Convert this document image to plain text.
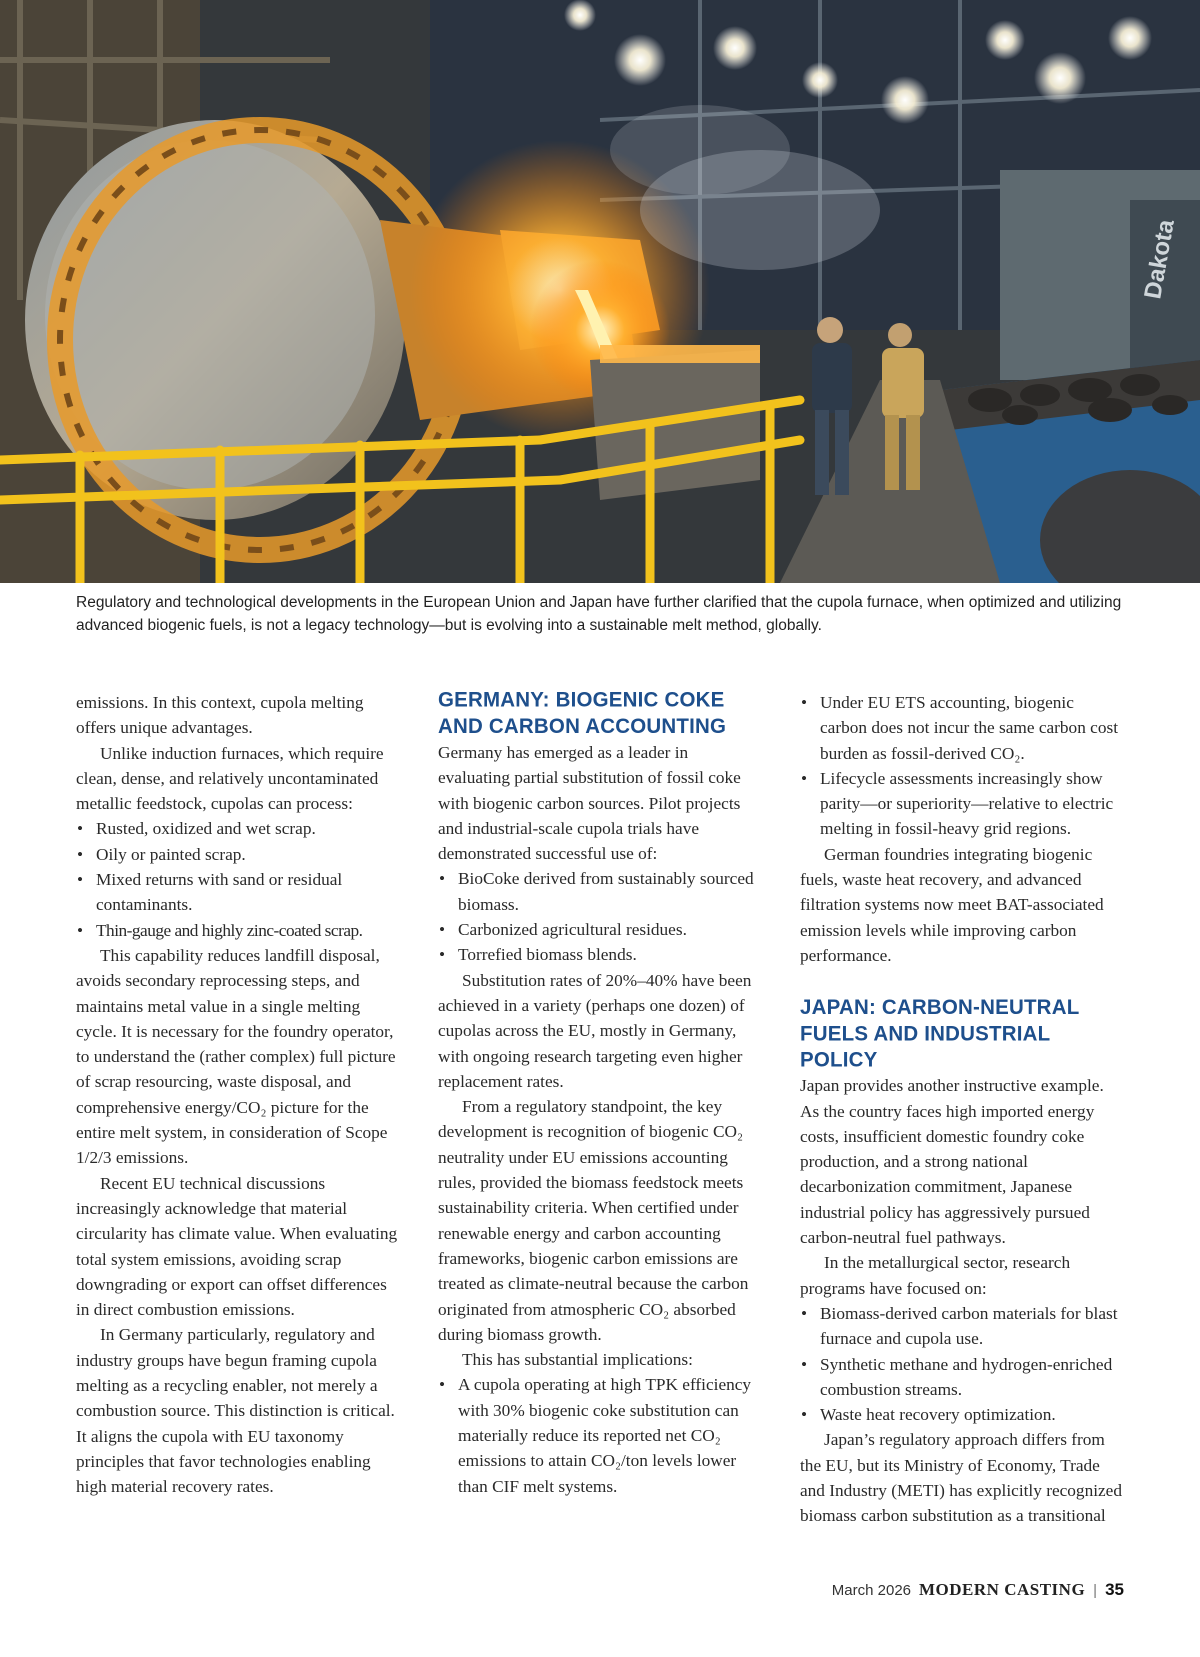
Dakota
Regulatory and technological developments in the European Union and Japan have further clarified that the cupola furnace, when optimized and utilizing advanced biogenic fuels, is not a legacy technology—but is evolving into a sustainable melt method, globally.

emissions. In this context, cupola melting offers unique advantages.

Unlike induction furnaces, which require clean, dense, and relatively uncontaminated metallic feedstock, cupolas can process:

• Rusted, oxidized and wet scrap.
• Oily or painted scrap.
• Mixed returns with sand or residual contaminants.
• Thin-gauge and highly zinc-coated scrap.

This capability reduces landfill disposal, avoids secondary reprocessing steps, and maintains metal value in a single melting cycle. It is necessary for the foundry operator, to understand the (rather complex) full picture of scrap resourcing, waste disposal, and comprehensive energy/CO₂ picture for the entire melt system, in consideration of Scope 1/2/3 emissions.

Recent EU technical discussions increasingly acknowledge that material circularity has climate value. When evaluating total system emissions, avoiding scrap downgrading or export can offset differences in direct combustion emissions.

In Germany particularly, regulatory and industry groups have begun framing cupola melting as a recycling enabler, not merely a combustion source. This distinction is critical. It aligns the cupola with EU taxonomy principles that favor technologies enabling high material recovery rates.

GERMANY: BIOGENIC COKE AND CARBON ACCOUNTING

Germany has emerged as a leader in evaluating partial substitution of fossil coke with biogenic carbon sources. Pilot projects and industrial-scale cupola trials have demonstrated successful use of:

• BioCoke derived from sustainably sourced biomass.
• Carbonized agricultural residues.
• Torrefied biomass blends.

Substitution rates of 20%–40% have been achieved in a variety (perhaps one dozen) of cupolas across the EU, mostly in Germany, with ongoing research targeting even higher replacement rates.

From a regulatory standpoint, the key development is recognition of biogenic CO₂ neutrality under EU emissions accounting rules, provided the biomass feedstock meets sustainability criteria. When certified under renewable energy and carbon accounting frameworks, biogenic carbon emissions are treated as climate-neutral because the carbon originated from atmospheric CO₂ absorbed during biomass growth.

This has substantial implications:

• A cupola operating at high TPK efficiency with 30% biogenic coke substitution can materially reduce its reported net CO₂ emissions to attain CO₂/ton levels lower than CIF melt systems.
• Under EU ETS accounting, biogenic carbon does not incur the same carbon cost burden as fossil-derived CO₂.
• Lifecycle assessments increasingly show parity—or superiority—relative to electric melting in fossil-heavy grid regions.

German foundries integrating biogenic fuels, waste heat recovery, and advanced filtration systems now meet BAT-associated emission levels while improving carbon performance.

JAPAN: CARBON-NEUTRAL FUELS AND INDUSTRIAL POLICY

Japan provides another instructive example. As the country faces high imported energy costs, insufficient domestic foundry coke production, and a strong national decarbonization commitment, Japanese industrial policy has aggressively pursued carbon-neutral fuel pathways.

In the metallurgical sector, research programs have focused on:

• Biomass-derived carbon materials for blast furnace and cupola use.
• Synthetic methane and hydrogen-enriched combustion streams.
• Waste heat recovery optimization.

Japan’s regulatory approach differs from the EU, but its Ministry of Economy, Trade and Industry (METI) has explicitly recognized biomass carbon substitution as a transitional

March 2026 MODERN CASTING | 35
